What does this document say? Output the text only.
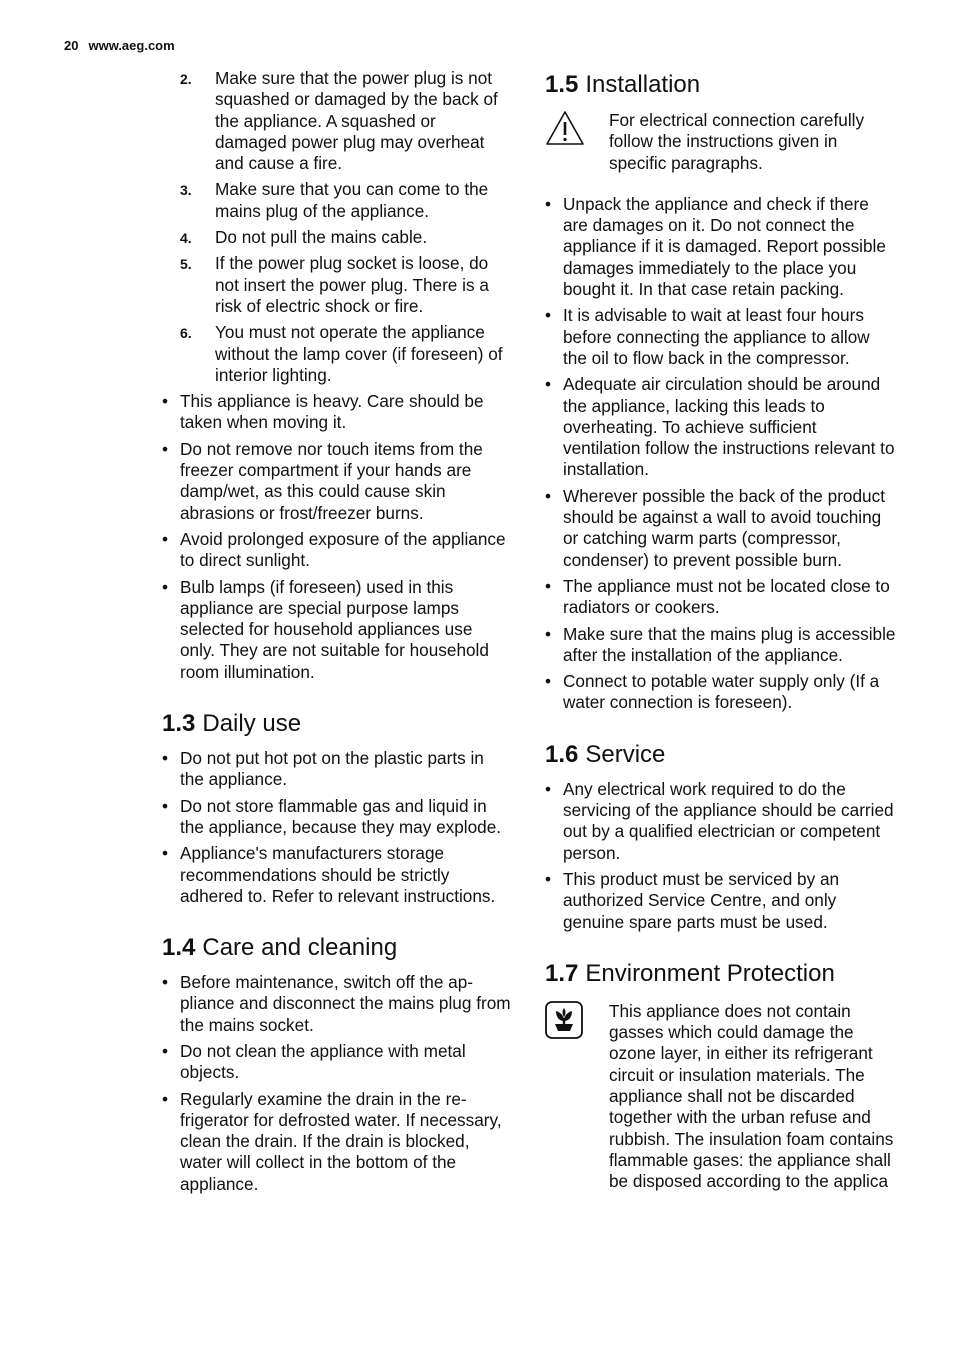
20 www.aeg.com
2. Make sure that the power plug is not squashed or damaged by the back of the appliance. A squashed or damaged power plug may overheat and cause a fire.
3. Make sure that you can come to the mains plug of the appliance.
4. Do not pull the mains cable.
5. If the power plug socket is loose, do not insert the power plug. There is a risk of electric shock or fire.
6. You must not operate the appliance without the lamp cover (if foreseen) of interior lighting.
• This appliance is heavy. Care should be taken when moving it.
• Do not remove nor touch items from the freezer compartment if your hands are damp/wet, as this could cause skin abrasions or frost/freezer burns.
• Avoid prolonged exposure of the appliance to direct sunlight.
• Bulb lamps (if foreseen) used in this appliance are special purpose lamps selected for household appliances use only. They are not suitable for household room illumination.
1.3 Daily use
• Do not put hot pot on the plastic parts in the appliance.
• Do not store flammable gas and liquid in the appliance, because they may explode.
• Appliance's manufacturers storage recommendations should be strictly adhered to. Refer to relevant instructions.
1.4 Care and cleaning
• Before maintenance, switch off the appliance and disconnect the mains plug from the mains socket.
• Do not clean the appliance with metal objects.
• Regularly examine the drain in the refrigerator for defrosted water. If necessary, clean the drain. If the drain is blocked, water will collect in the bottom of the appliance.
1.5 Installation
For electrical connection carefully follow the instructions given in specific paragraphs.
• Unpack the appliance and check if there are damages on it. Do not connect the appliance if it is damaged. Report possible damages immediately to the place you bought it. In that case retain packing.
• It is advisable to wait at least four hours before connecting the appliance to allow the oil to flow back in the compressor.
• Adequate air circulation should be around the appliance, lacking this leads to overheating. To achieve sufficient ventilation follow the instructions relevant to installation.
• Wherever possible the back of the product should be against a wall to avoid touching or catching warm parts (compressor, condenser) to prevent possible burn.
• The appliance must not be located close to radiators or cookers.
• Make sure that the mains plug is accessible after the installation of the appliance.
• Connect to potable water supply only (If a water connection is foreseen).
1.6 Service
• Any electrical work required to do the servicing of the appliance should be carried out by a qualified electrician or competent person.
• This product must be serviced by an authorized Service Centre, and only genuine spare parts must be used.
1.7 Environment Protection
This appliance does not contain gasses which could damage the ozone layer, in either its refrigerant circuit or insulation materials. The appliance shall not be discarded together with the urban refuse and rubbish. The insulation foam contains flammable gases: the appliance shall be disposed according to the applica
